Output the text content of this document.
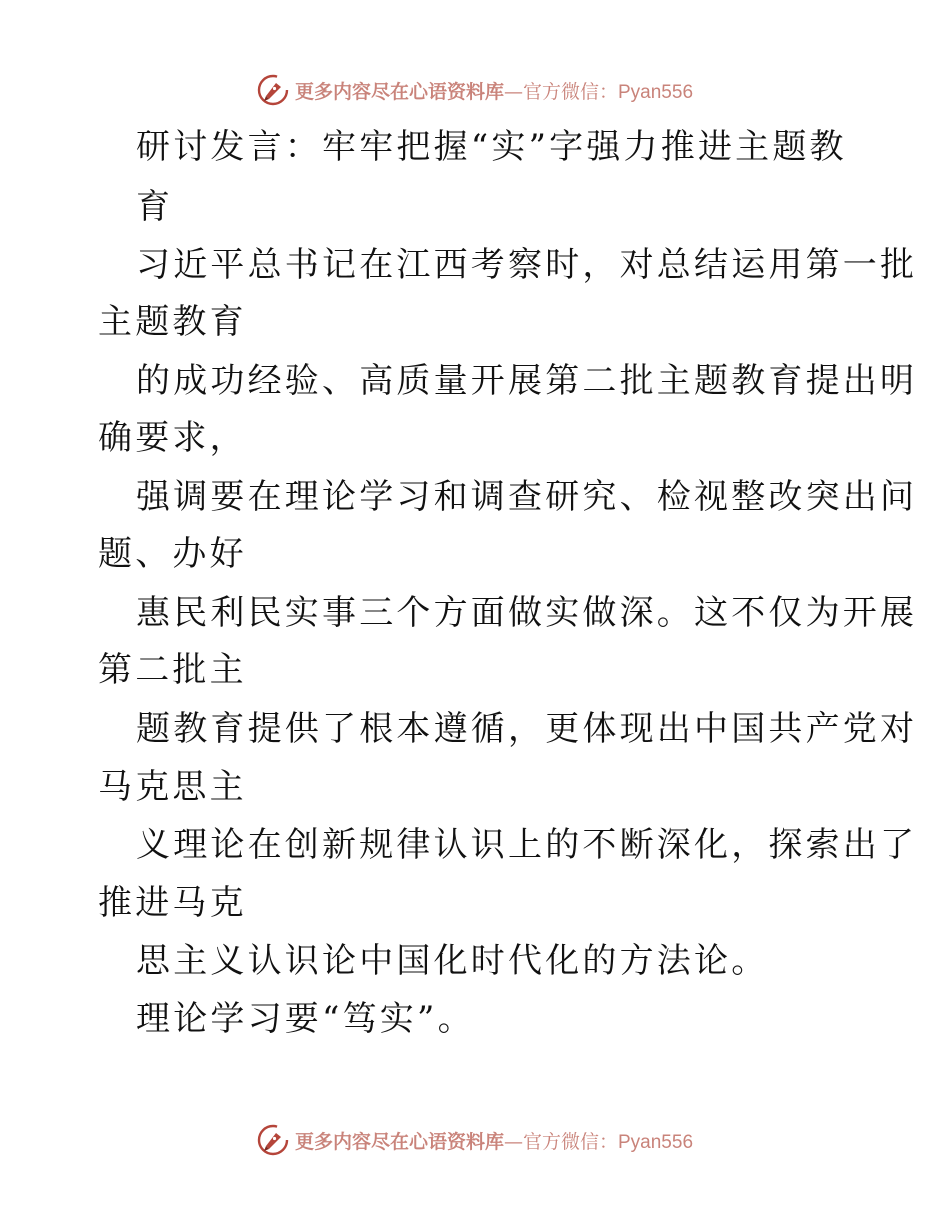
更多内容尽在心语资料库—官方微信：Pyan556
研讨发言：牢牢把握“实”字强力推进主题教
育
习近平总书记在江西考察时，对总结运用第一批
主题教育
的成功经验、高质量开展第二批主题教育提出明
确要求，
强调要在理论学习和调查研究、检视整改突出问
题、办好
惠民利民实事三个方面做实做深。这不仅为开展
第二批主
题教育提供了根本遵循，更体现出中国共产党对
马克思主
义理论在创新规律认识上的不断深化，探索出了
推进马克
思主义认识论中国化时代化的方法论。
理论学习要“笃实”。
更多内容尽在心语资料库—官方微信：Pyan556
